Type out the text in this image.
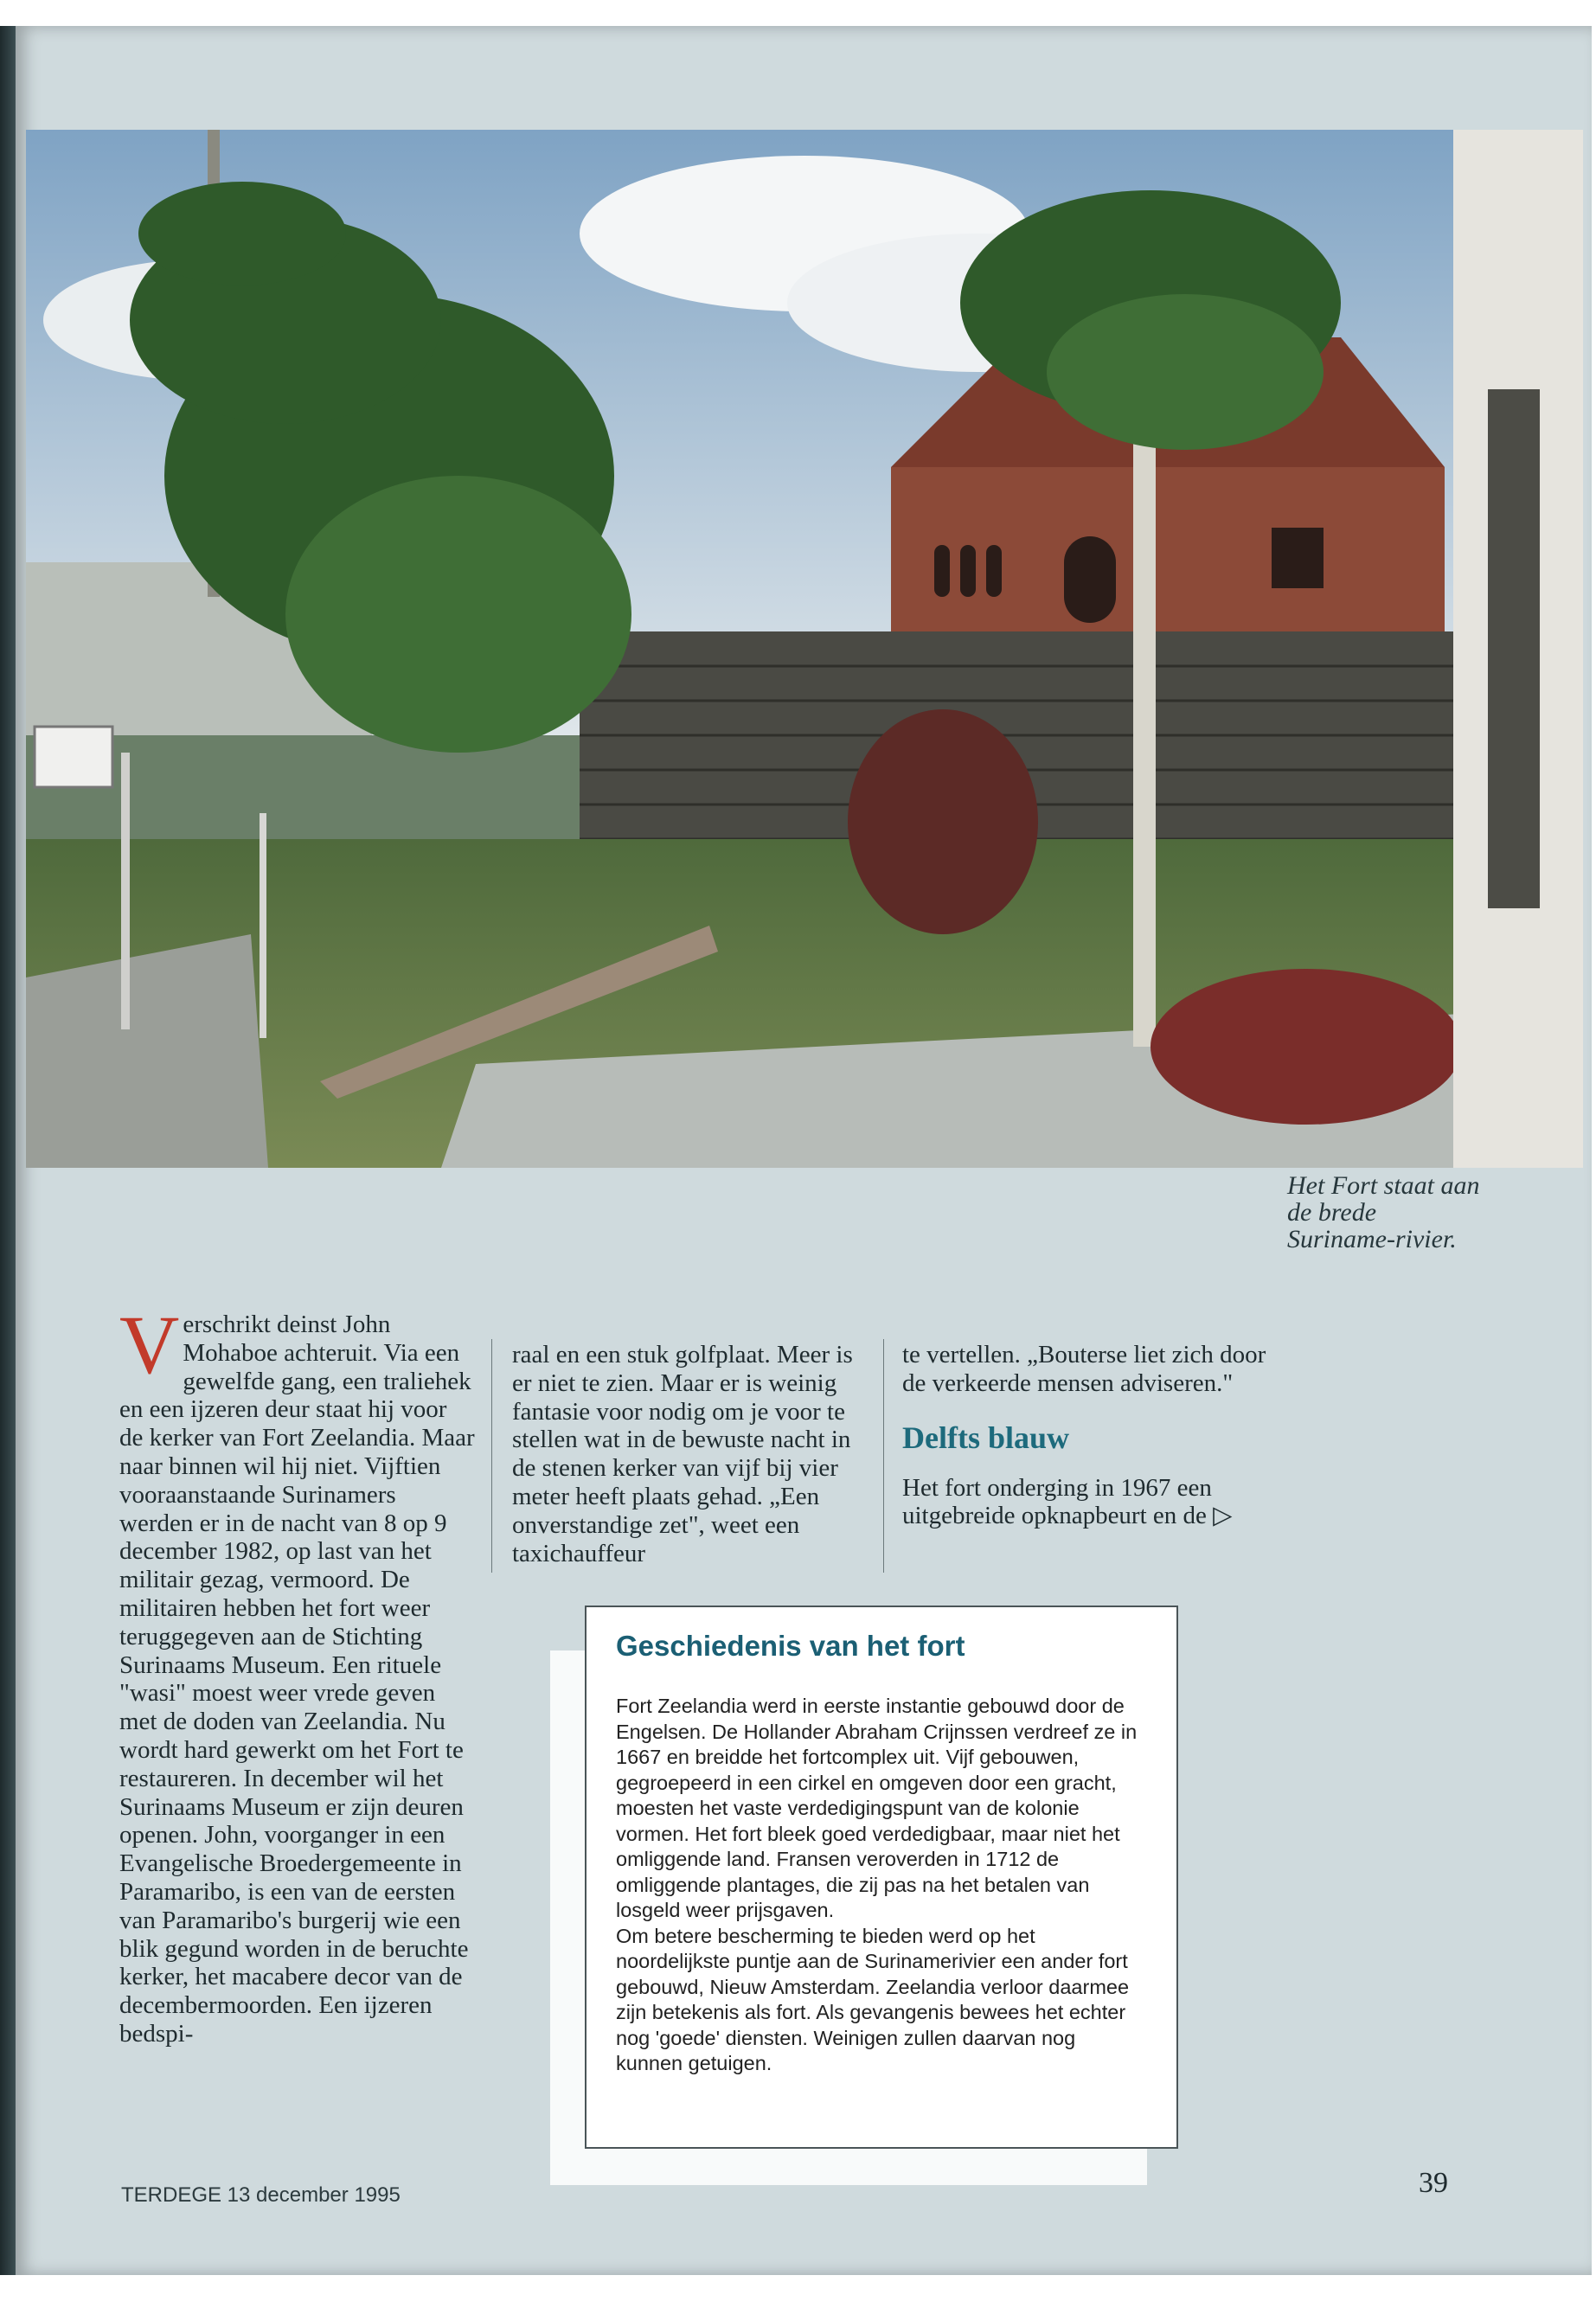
Het Fort staat aan de brede Suriname-rivier.
V erschrikt deinst John Mohaboe achteruit. Via een gewelfde gang, een traliehek en een ijzeren deur staat hij voor de kerker van Fort Zeelandia. Maar naar binnen wil hij niet. Vijftien vooraanstaande Surinamers werden er in de nacht van 8 op 9 december 1982, op last van het militair gezag, vermoord. De militairen hebben het fort weer teruggegeven aan de Stichting Surinaams Museum. Een rituele "wasi" moest weer vrede geven met de doden van Zeelandia. Nu wordt hard gewerkt om het Fort te restaureren. In december wil het Surinaams Museum er zijn deuren openen. John, voorganger in een Evangelische Broedergemeente in Paramaribo, is een van de eersten van Paramaribo's burgerij wie een blik gegund worden in de beruchte kerker, het macabere decor van de decembermoorden. Een ijzeren bedspi-

raal en een stuk golfplaat. Meer is er niet te zien. Maar er is weinig fantasie voor nodig om je voor te stellen wat in de bewuste nacht in de stenen kerker van vijf bij vier meter heeft plaats gehad. „Een onverstandige zet", weet een taxichauffeur

te vertellen. „Bouterse liet zich door de verkeerde mensen adviseren."

Delfts blauw

Het fort onderging in 1967 een uitgebreide opknapbeurt en de ▷

Geschiedenis van het fort
Fort Zeelandia werd in eerste instantie gebouwd door de Engelsen. De Hollander Abraham Crijnssen verdreef ze in 1667 en breidde het fortcomplex uit. Vijf gebouwen, gegroepeerd in een cirkel en omgeven door een gracht, moesten het vaste verdedigingspunt van de kolonie vormen. Het fort bleek goed verdedigbaar, maar niet het omliggende land. Fransen veroverden in 1712 de omliggende plantages, die zij pas na het betalen van losgeld weer prijsgaven.
Om betere bescherming te bieden werd op het noordelijkste puntje aan de Surinamerivier een ander fort gebouwd, Nieuw Amsterdam. Zeelandia verloor daarmee zijn betekenis als fort. Als gevangenis bewees het echter nog 'goede' diensten. Weinigen zullen daarvan nog kunnen getuigen.
TERDEGE 13 december 1995	39
